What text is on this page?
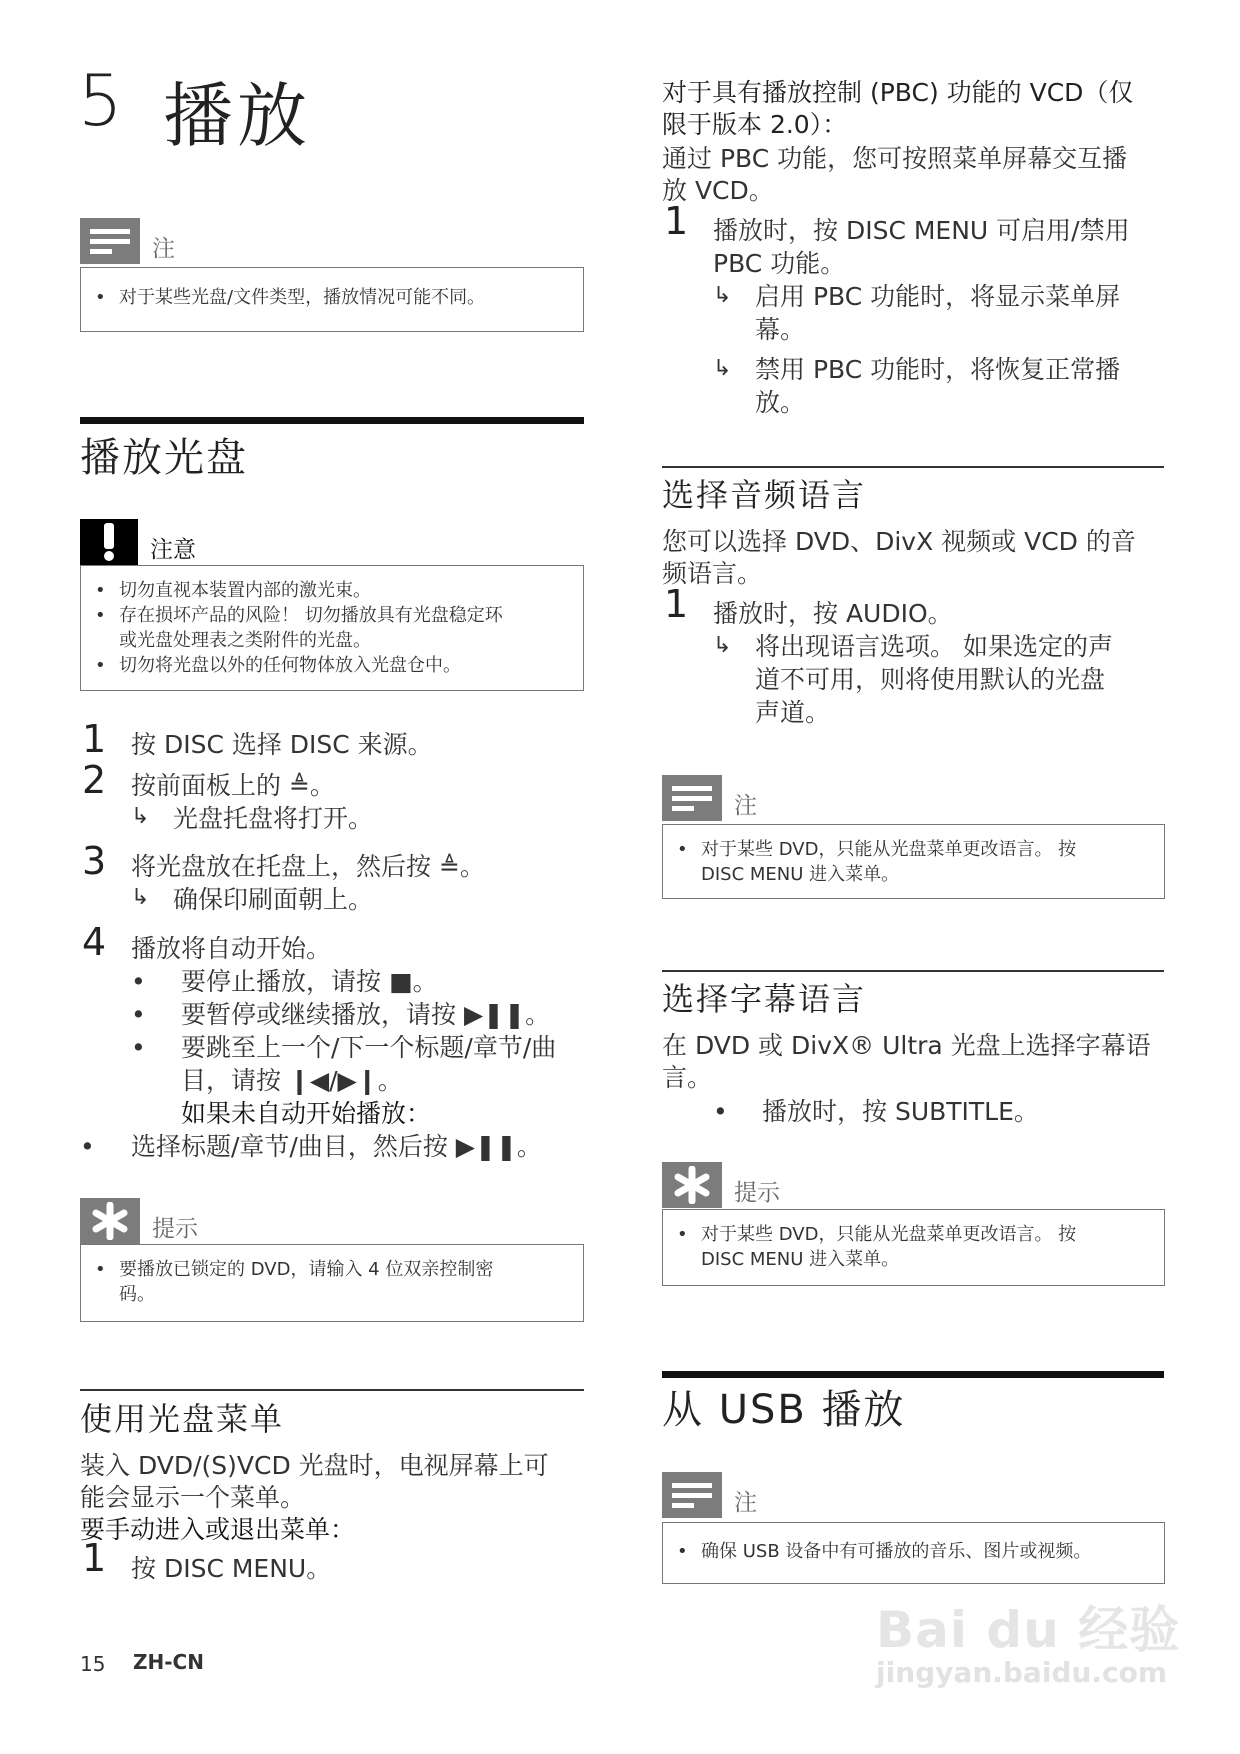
5 播放
注
• 对于某些光盘/文件类型，播放情况可能不同。
播放光盘
注意
• 切勿直视本装置内部的激光束。
• 存在损坏产品的风险！ 切勿播放具有光盘稳定环
或光盘处理表之类附件的光盘。
• 切勿将光盘以外的任何物体放入光盘仓中。
1 按 DISC 选择 DISC 来源。
2 按前面板上的 ≜。
↳ 光盘托盘将打开。
3 将光盘放在托盘上，然后按 ≜。
↳ 确保印刷面朝上。
4 播放将自动开始。
• 要停止播放，请按 ■。
• 要暂停或继续播放，请按 ▶❚❚。
• 要跳至上一个/下一个标题/章节/曲
目，请按 ❙◀/▶❙。
如果未自动开始播放：
• 选择标题/章节/曲目，然后按 ▶❚❚。
提示
• 要播放已锁定的 DVD，请输入 4 位双亲控制密
码。
使用光盘菜单
装入 DVD/(S)VCD 光盘时，电视屏幕上可
能会显示一个菜单。
要手动进入或退出菜单：
1 按 DISC MENU。
15 ZH-CN
对于具有播放控制 (PBC) 功能的 VCD（仅
限于版本 2.0）：
通过 PBC 功能，您可按照菜单屏幕交互播
放 VCD。
1 播放时，按 DISC MENU 可启用/禁用
PBC 功能。
↳ 启用 PBC 功能时，将显示菜单屏
幕。
↳ 禁用 PBC 功能时，将恢复正常播
放。
选择音频语言
您可以选择 DVD、DivX 视频或 VCD 的音
频语言。
1 播放时，按 AUDIO。
↳ 将出现语言选项。 如果选定的声
道不可用，则将使用默认的光盘
声道。
注
• 对于某些 DVD，只能从光盘菜单更改语言。 按
DISC MENU 进入菜单。
选择字幕语言
在 DVD 或 DivX® Ultra 光盘上选择字幕语
言。
• 播放时，按 SUBTITLE。
提示
• 对于某些 DVD，只能从光盘菜单更改语言。 按
DISC MENU 进入菜单。
从 USB 播放
注
• 确保 USB 设备中有可播放的音乐、图片或视频。
Bai du 经验
jingyan.baidu.com
